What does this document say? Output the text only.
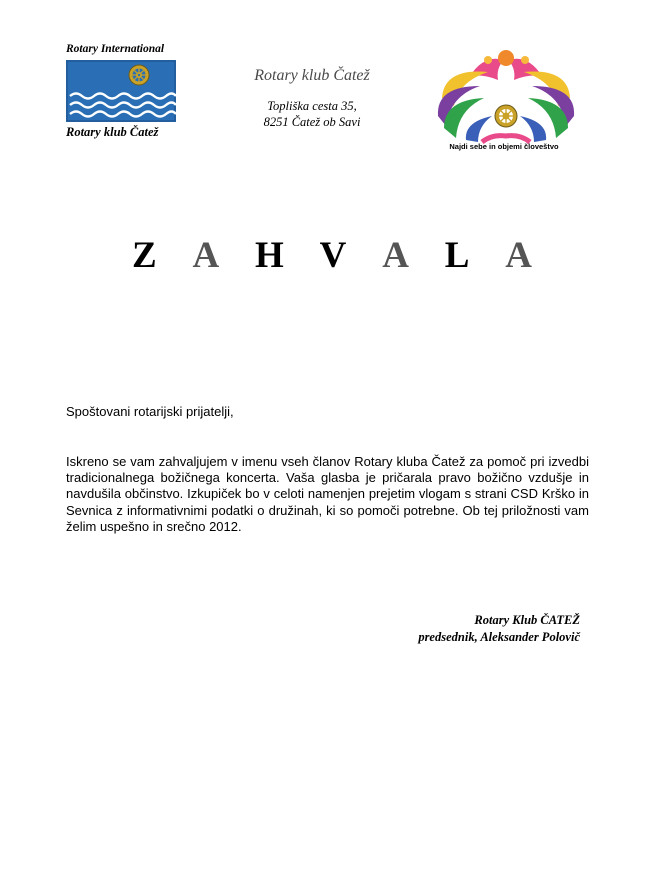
Rotary International
Rotary klub Čatež
Rotary klub Čatež
Topliška cesta 35,
8251 Čatež ob Savi
Najdi sebe in objemi človeštvo
Z A H V A L A
Spoštovani rotarijski prijatelji,
Iskreno se vam zahvaljujem v imenu vseh članov Rotary kluba Čatež za pomoč pri izvedbi tradicionalnega božičnega koncerta. Vaša glasba je pričarala pravo božično vzdušje in navdušila občinstvo. Izkupiček bo v celoti namenjen prejetim vlogam s strani CSD Krško in Sevnica z informativnimi podatki o družinah, ki so pomoči potrebne. Ob tej priložnosti vam želim uspešno in srečno 2012.
Rotary Klub ČATEŽ
predsednik, Aleksander Polovič
